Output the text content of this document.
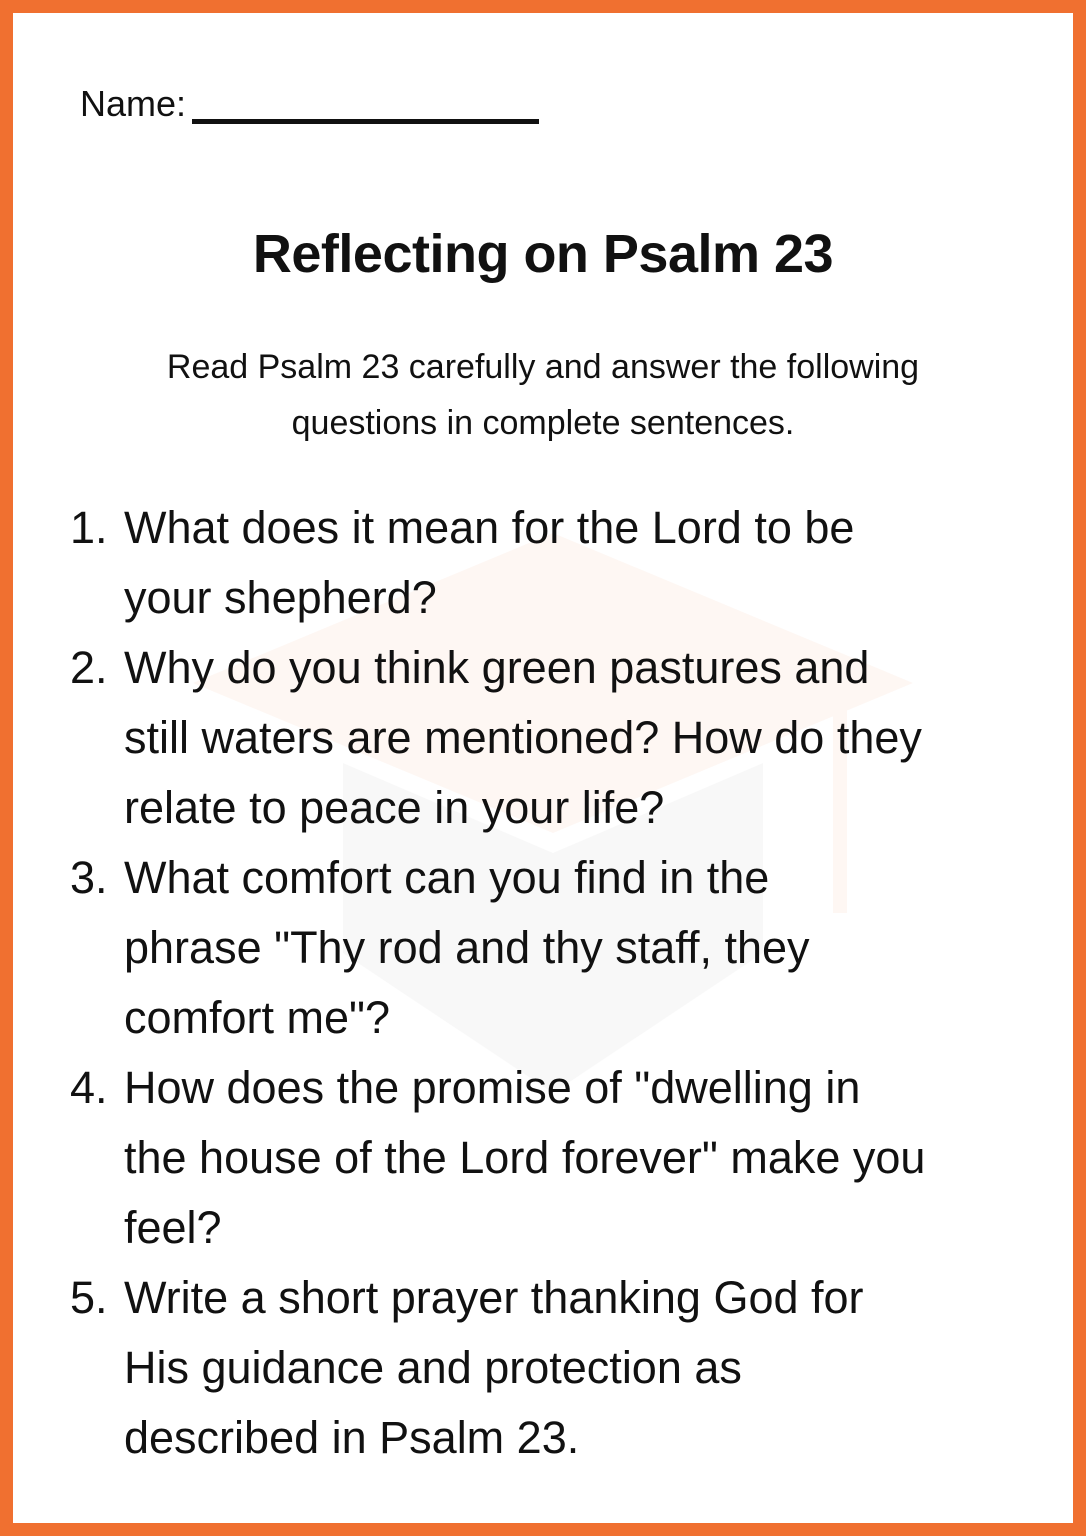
Name:
Reflecting on Psalm 23
Read Psalm 23 carefully and answer the following
questions in complete sentences.
1. What does it mean for the Lord to be
your shepherd?
2. Why do you think green pastures and
still waters are mentioned? How do they
relate to peace in your life?
3. What comfort can you find in the
phrase "Thy rod and thy staff, they
comfort me"?
4. How does the promise of "dwelling in
the house of the Lord forever" make you
feel?
5. Write a short prayer thanking God for
His guidance and protection as
described in Psalm 23.
